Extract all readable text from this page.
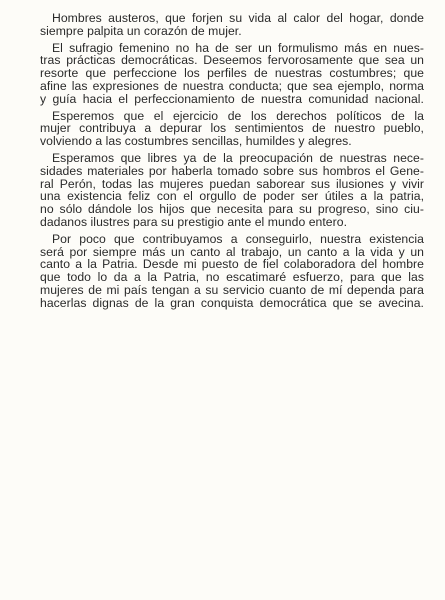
Hombres austeros, que forjen su vida al calor del hogar, donde
siempre palpita un corazón de mujer.

El sufragio femenino no ha de ser un formulismo más en nues-
tras prácticas democráticas. Deseemos fervorosamente que sea un
resorte que perfeccione los perfiles de nuestras costumbres; que
afine las expresiones de nuestra conducta; que sea ejemplo, norma
y guía hacia el perfeccionamiento de nuestra comunidad nacional.

Esperemos que el ejercicio de los derechos políticos de la
mujer contribuya a depurar los sentimientos de nuestro pueblo,
volviendo a las costumbres sencillas, humildes y alegres.

Esperamos que libres ya de la preocupación de nuestras nece-
sidades materiales por haberla tomado sobre sus hombros el Gene-
ral Perón, todas las mujeres puedan saborear sus ilusiones y vivir
una existencia feliz con el orgullo de poder ser útiles a la patria,
no sólo dándole los hijos que necesita para su progreso, sino ciu-
dadanos ilustres para su prestigio ante el mundo entero.

Por poco que contribuyamos a conseguirlo, nuestra existencia
será por siempre más un canto al trabajo, un canto a la vida y un
canto a la Patria. Desde mi puesto de fiel colaboradora del hombre
que todo lo da a la Patria, no escatimaré esfuerzo, para que las
mujeres de mi país tengan a su servicio cuanto de mí dependa para
hacerlas dignas de la gran conquista democrática que se avecina.
